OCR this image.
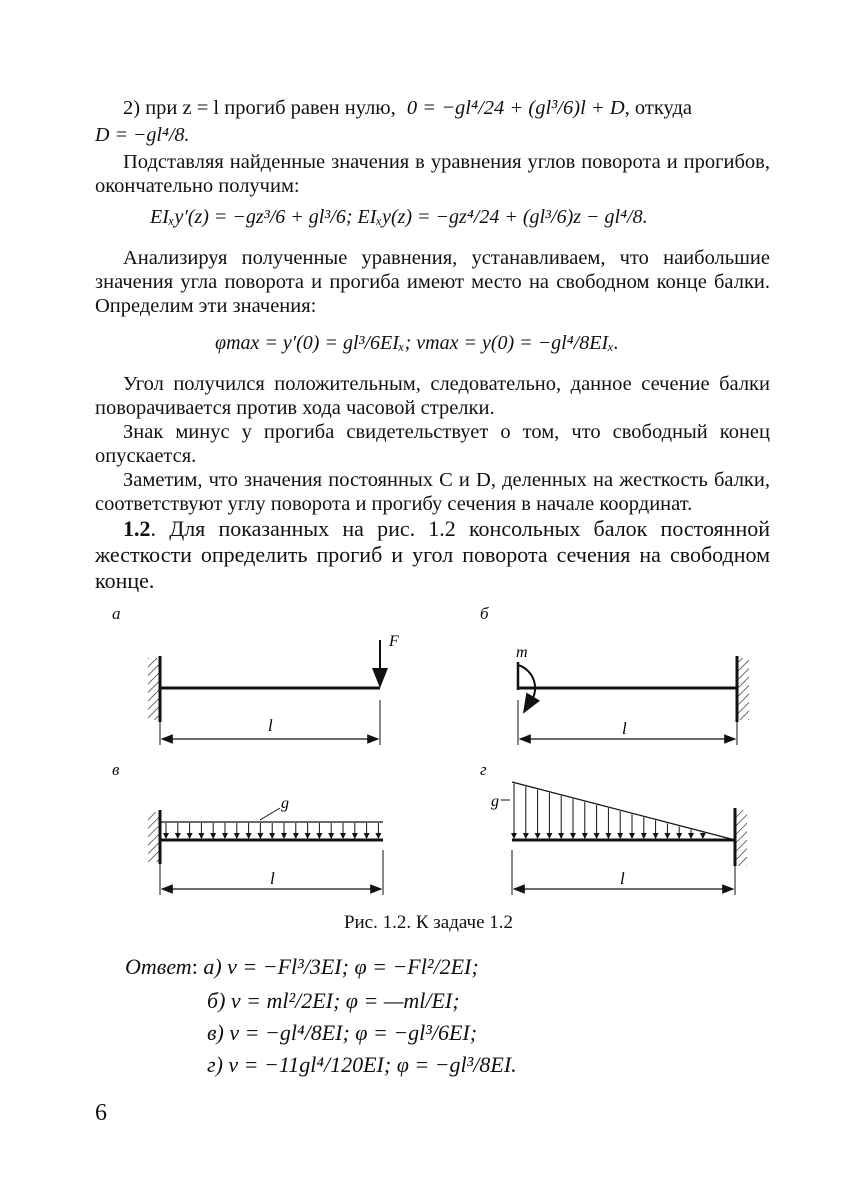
2) при z = l прогиб равен нулю, 0 = −gl⁴/24 + (gl³/6)l + D, откуда
D = −gl⁴/8.
Подставляя найденные значения в уравнения углов поворота и прогибов, окончательно получим:
EIₓy′(z) = −gz³/6 + gl³/6; EIₓy(z) = −gz⁴/24 + (gl³/6)z − gl⁴/8.
Анализируя полученные уравнения, устанавливаем, что наибольшие значения угла поворота и прогиба имеют место на свободном конце балки. Определим эти значения:
φmax = y′(0) = gl³/6EIₓ; vmax = y(0) = −gl⁴/8EIₓ.
Угол получился положительным, следовательно, данное сечение балки поворачивается против хода часовой стрелки.
Знак минус у прогиба свидетельствует о том, что свободный конец опускается.
Заметим, что значения постоянных C и D, деленных на жесткость балки, соответствуют углу поворота и прогибу сечения в начале координат.
1.2. Для показанных на рис. 1.2 консольных балок постоянной жесткости определить прогиб и угол поворота сечения на свободном конце.
а	б
в	г
F
l
m
l
g
l
g
l
Рис. 1.2. К задаче 1.2
Ответ: а) v = −Fl³/3EI; φ = −Fl²/2EI;
б) v = ml²/2EI; φ = —ml/EI;
в) v = −gl⁴/8EI; φ = −gl³/6EI;
г) v = −11gl⁴/120EI; φ = −gl³/8EI.
6
